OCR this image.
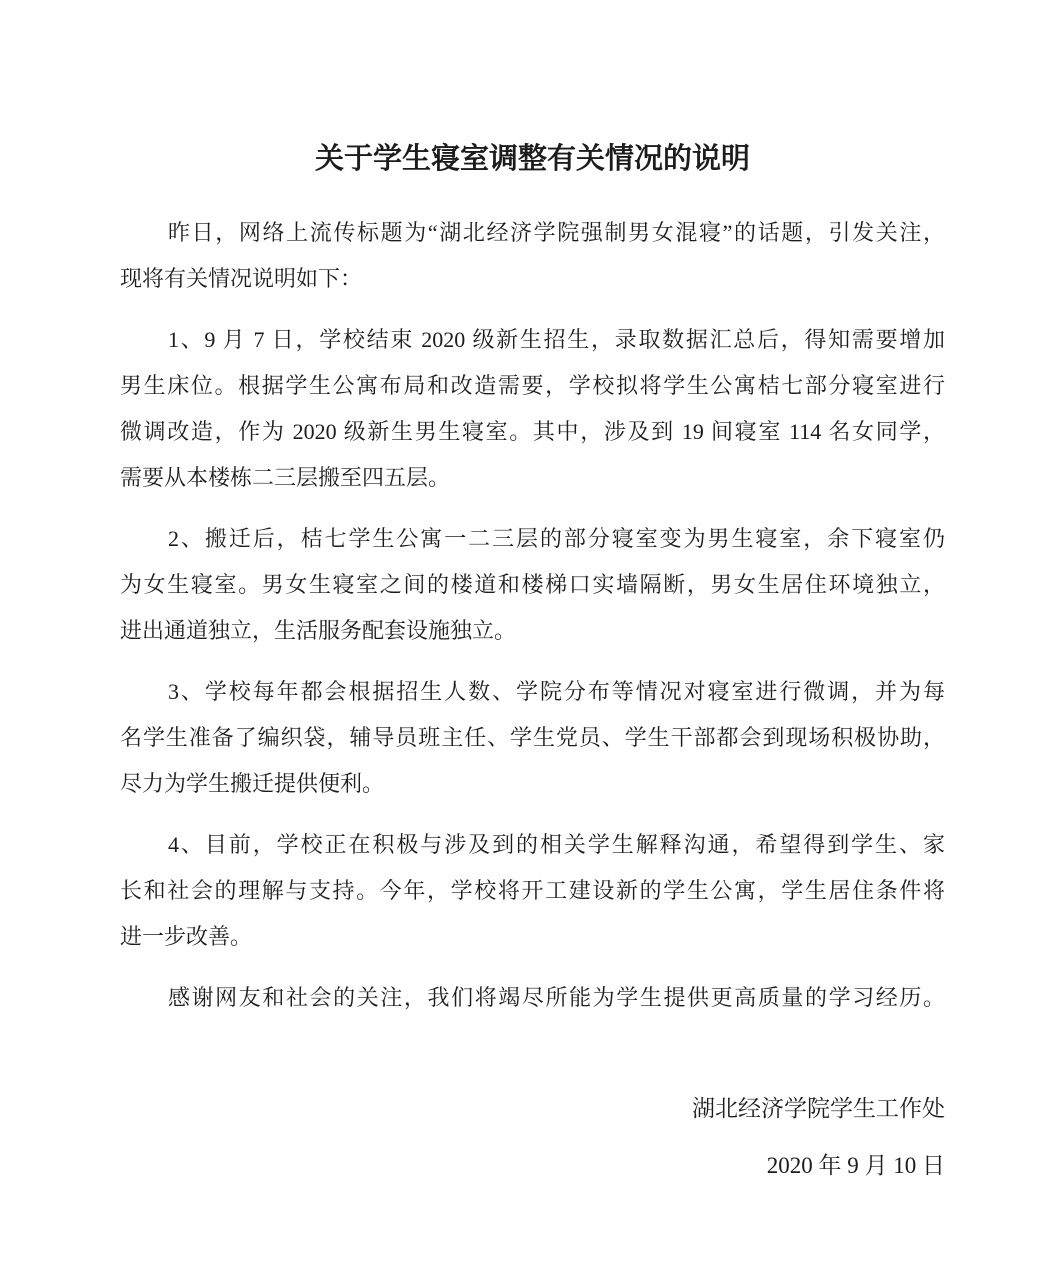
关于学生寝室调整有关情况的说明

昨日，网络上流传标题为“湖北经济学院强制男女混寝”的话题，引发关注，
现将有关情况说明如下：

1、9 月 7 日，学校结束 2020 级新生招生，录取数据汇总后，得知需要增加
男生床位。根据学生公寓布局和改造需要，学校拟将学生公寓桔七部分寝室进行
微调改造，作为 2020 级新生男生寝室。其中，涉及到 19 间寝室 114 名女同学，
需要从本楼栋二三层搬至四五层。

2、搬迁后，桔七学生公寓一二三层的部分寝室变为男生寝室，余下寝室仍
为女生寝室。男女生寝室之间的楼道和楼梯口实墙隔断，男女生居住环境独立，
进出通道独立，生活服务配套设施独立。

3、学校每年都会根据招生人数、学院分布等情况对寝室进行微调，并为每
名学生准备了编织袋，辅导员班主任、学生党员、学生干部都会到现场积极协助，
尽力为学生搬迁提供便利。

4、目前，学校正在积极与涉及到的相关学生解释沟通，希望得到学生、家
长和社会的理解与支持。今年，学校将开工建设新的学生公寓，学生居住条件将
进一步改善。

感谢网友和社会的关注，我们将竭尽所能为学生提供更高质量的学习经历。

湖北经济学院学生工作处
2020 年 9 月 10 日
